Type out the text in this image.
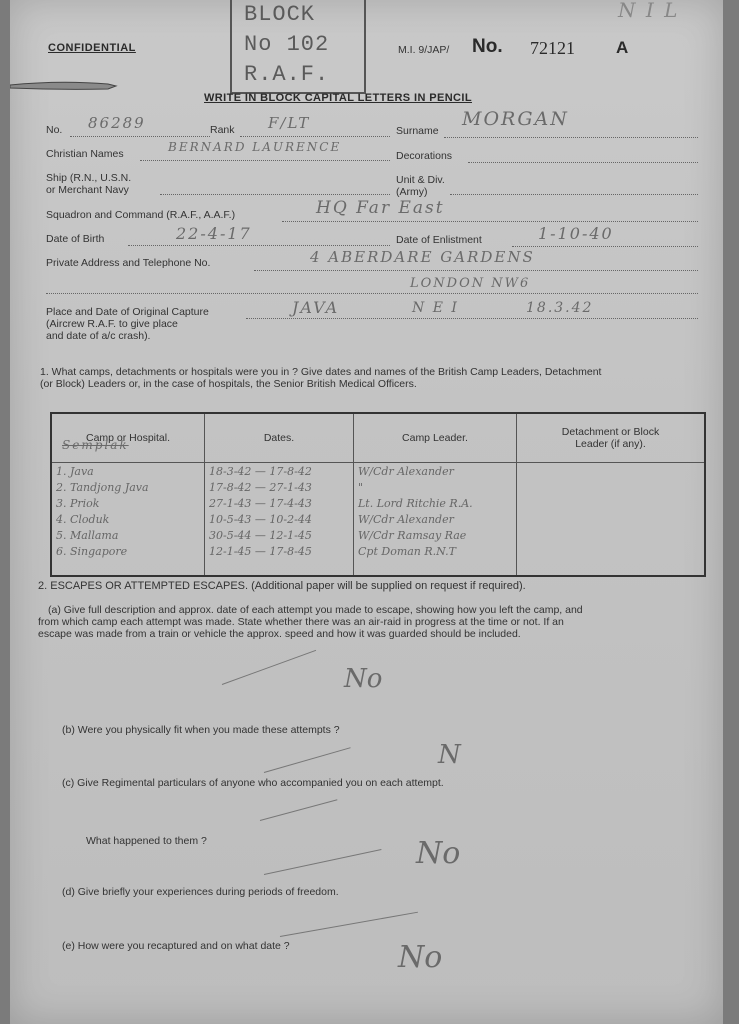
N I L
BLOCK
No 102
R.A.F.
CONFIDENTIAL	M.I. 9/JAP/ No. 72121 A
WRITE IN BLOCK CAPITAL LETTERS IN PENCIL
No. 86289	Rank F/LT	Surname
MORGAN
Christian Names	BERNARD LAURENCE
Decorations
Ship (R.N., U.S.N.
or Merchant Navy
Unit & Div.
(Army)
Squadron and Command (R.A.F., A.A.F.)	HQ Far East
Date of Birth	22-4-17	Date of Enlistment	1-10-40
Private Address and Telephone No.	4 ABERDARE GARDENS
LONDON NW6
Place and Date of Original Capture
(Aircrew R.A.F. to give place
and date of a/c crash).
JAVA	N E I	18.3.42
1. What camps, detachments or hospitals were you in ? Give dates and names of the British Camp Leaders, Detachment
(or Block) Leaders or, in the case of hospitals, the Senior British Medical Officers.
Camp or Hospital.	Dates.	Camp Leader.	Detachment or Block Leader (if any).
1. Java	18-3-42 — 17-8-42	W/Cdr Alexander	
2. Tandjong Java	17-8-42 — 27-1-43	"	
3. Priok	27-1-43 — 17-4-43	Lt. Lord Ritchie R.A.	
4. Cloduk	10-5-43 — 10-2-44	W/Cdr Alexander	
5. Mallama	30-5-44 — 12-1-45	W/Cdr Ramsay Rae	
6. Singapore	12-1-45 — 17-8-45	Cpt Doman R.N.T	

Semplak
2. ESCAPES OR ATTEMPTED ESCAPES. (Additional paper will be supplied on request if required).
(a) Give full description and approx. date of each attempt you made to escape, showing how you left the camp, and
from which camp each attempt was made. State whether there was an air-raid in progress at the time or not. If an
escape was made from a train or vehicle the approx. speed and how it was guarded should be included.
No
(b) Were you physically fit when you made these attempts ?
N
(c) Give Regimental particulars of anyone who accompanied you on each attempt.
What happened to them ?	No
(d) Give briefly your experiences during periods of freedom.
(e) How were you recaptured and on what date ?	No
